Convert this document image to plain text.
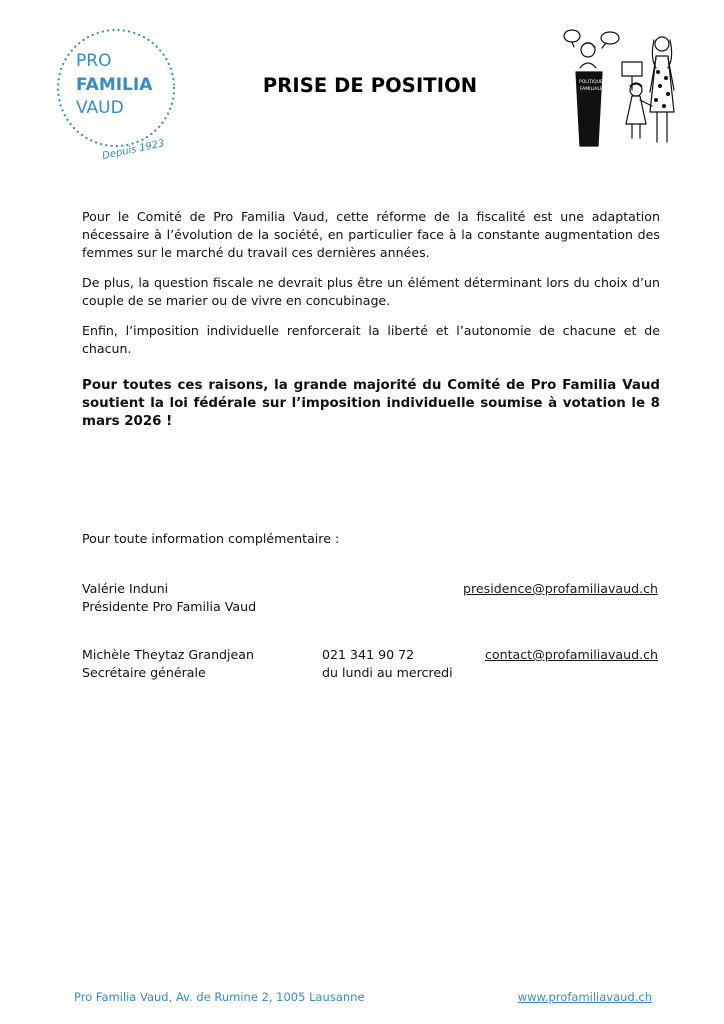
PRO
FAMILIA
VAUD
Depuis 1923
PRISE DE POSITION	POLITIQUE
FAMILIALE

Pour le Comité de Pro Familia Vaud, cette réforme de la fiscalité est une adaptation nécessaire à l’évolution de la société, en particulier face à la constante augmentation des femmes sur le marché du travail ces dernières années.

De plus, la question fiscale ne devrait plus être un élément déterminant lors du choix d’un couple de se marier ou de vivre en concubinage.

Enfin, l’imposition individuelle renforcerait la liberté et l’autonomie de chacune et de chacun.

Pour toutes ces raisons, la grande majorité du Comité de Pro Familia Vaud soutient la loi fédérale sur l’imposition individuelle soumise à votation le 8 mars 2026 !

Pour toute information complémentaire :
Valérie Induni
Présidente Pro Familia Vaud
presidence@profamiliavaud.ch
Michèle Theytaz Grandjean
Secrétaire générale
021 341 90 72
du lundi au mercredi
contact@profamiliavaud.ch
Pro Familia Vaud, Av. de Rumine 2, 1005 Lausanne	www.profamiliavaud.ch
